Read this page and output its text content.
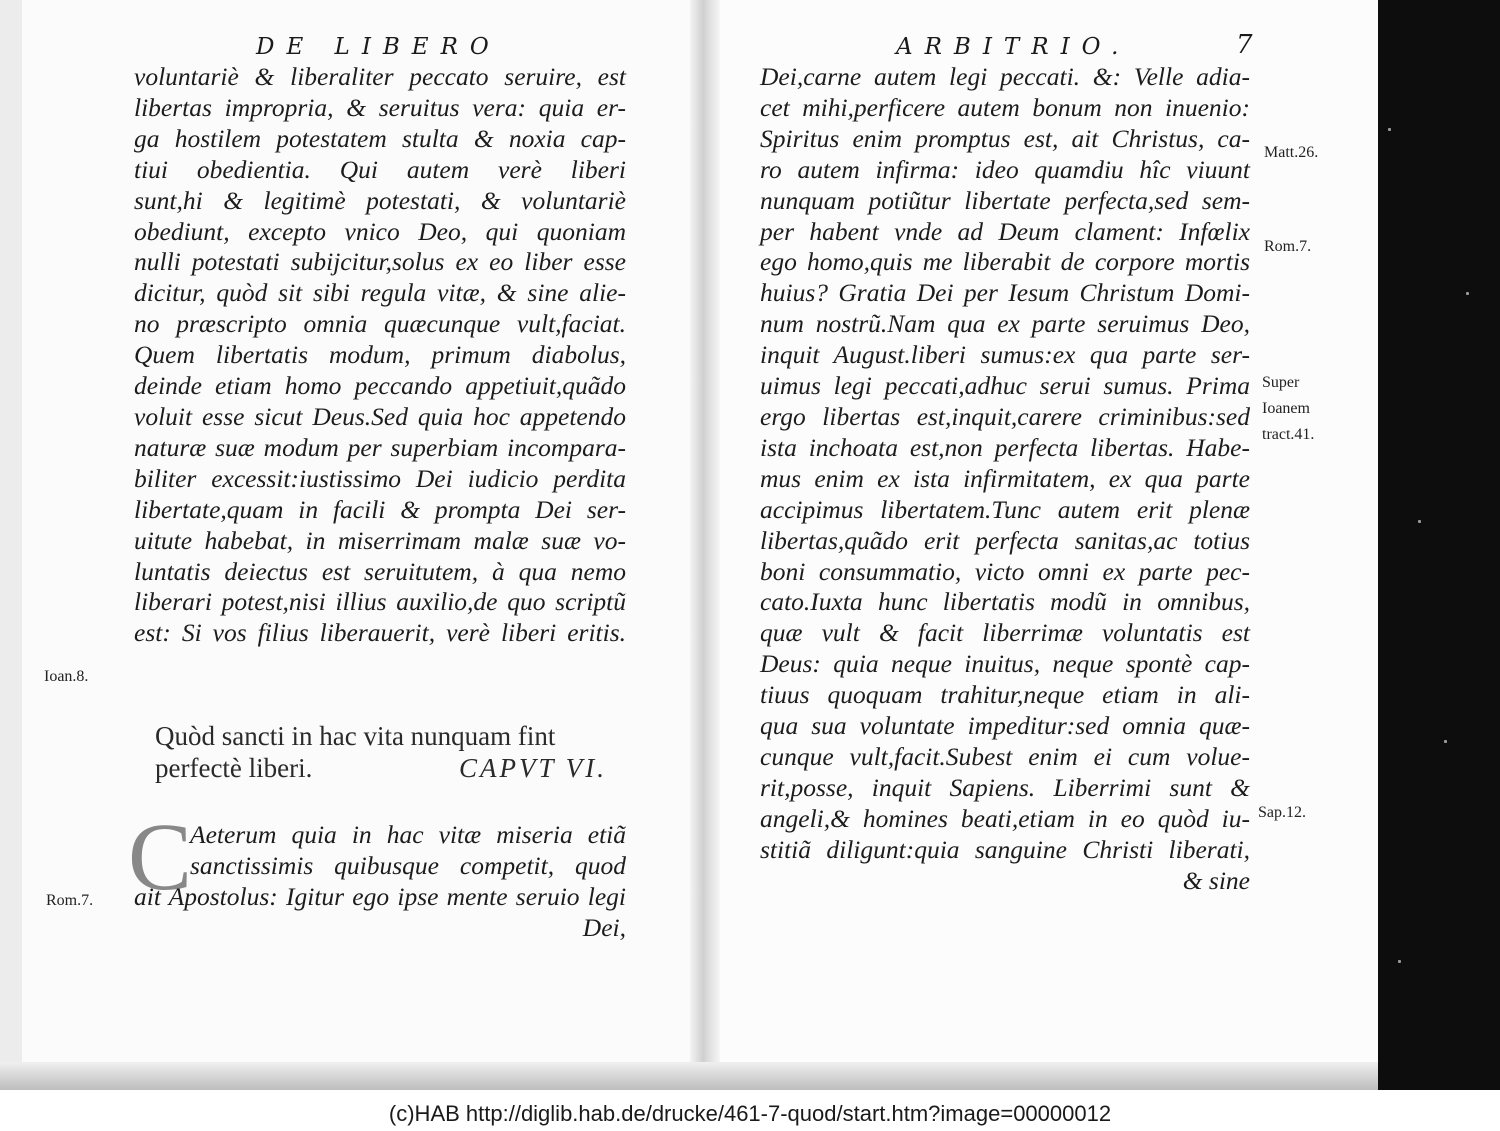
DE LIBERO
voluntariè & liberaliter peccato seruire, est
libertas impropria, & seruitus vera: quia er-
ga hostilem potestatem stulta & noxia cap-
tiui obedientia. Qui autem verè liberi
sunt,hi & legitimè potestati, & voluntariè
obediunt, excepto vnico Deo, qui quoniam
nulli potestati subijcitur,solus ex eo liber esse
dicitur, quòd sit sibi regula vitæ, & sine alie-
no præscripto omnia quæcunque vult,faciat.
Quem libertatis modum, primum diabolus,
deinde etiam homo peccando appetiuit,quãdo
voluit esse sicut Deus.Sed quia hoc appetendo
naturæ suæ modum per superbiam incompara-
biliter excessit:iustissimo Dei iudicio perdita
libertate,quam in facili & prompta Dei ser-
uitute habebat, in miserrimam malæ suæ vo-
luntatis deiectus est seruitutem, à qua nemo
liberari potest,nisi illius auxilio,de quo scriptũ
est: Si vos filius liberauerit, verè liberi eritis.
Ioan.8.
Quòd sancti in hac vita nunquam fint
perfectè liberi.	CAPVT VI.
C
Aeterum quia in hac vitæ miseria etiã
sanctissimis quibusque competit, quod
ait Apostolus: Igitur ego ipse mente seruio legi
Dei,
Rom.7.
ARBITRIO.	7
Dei,carne autem legi peccati. &: Velle adia-
cet mihi,perficere autem bonum non inuenio:
Spiritus enim promptus est, ait Christus, ca-
ro autem infirma: ideo quamdiu hîc viuunt
nunquam potiũtur libertate perfecta,sed sem-
per habent vnde ad Deum clament: Infœlix
ego homo,quis me liberabit de corpore mortis
huius? Gratia Dei per Iesum Christum Domi-
num nostrũ.Nam qua ex parte seruimus Deo,
inquit August.liberi sumus:ex qua parte ser-
uimus legi peccati,adhuc serui sumus. Prima
ergo libertas est,inquit,carere criminibus:sed
ista inchoata est,non perfecta libertas. Habe-
mus enim ex ista infirmitatem, ex qua parte
accipimus libertatem.Tunc autem erit plenæ
libertas,quãdo erit perfecta sanitas,ac totius
boni consummatio, victo omni ex parte pec-
cato.Iuxta hunc libertatis modũ in omnibus,
quæ vult & facit liberrimæ voluntatis est
Deus: quia neque inuitus, neque spontè cap-
tiuus quoquam trahitur,neque etiam in ali-
qua sua voluntate impeditur:sed omnia quæ-
cunque vult,facit.Subest enim ei cum volue-
rit,posse, inquit Sapiens. Liberrimi sunt &
angeli,& homines beati,etiam in eo quòd iu-
stitiã diligunt:quia sanguine Christi liberati,
& sine
Matt.26.
Rom.7.
Super
Ioanem
tract.41.
Sap.12.
(c)HAB http://diglib.hab.de/drucke/461-7-quod/start.htm?image=00000012
